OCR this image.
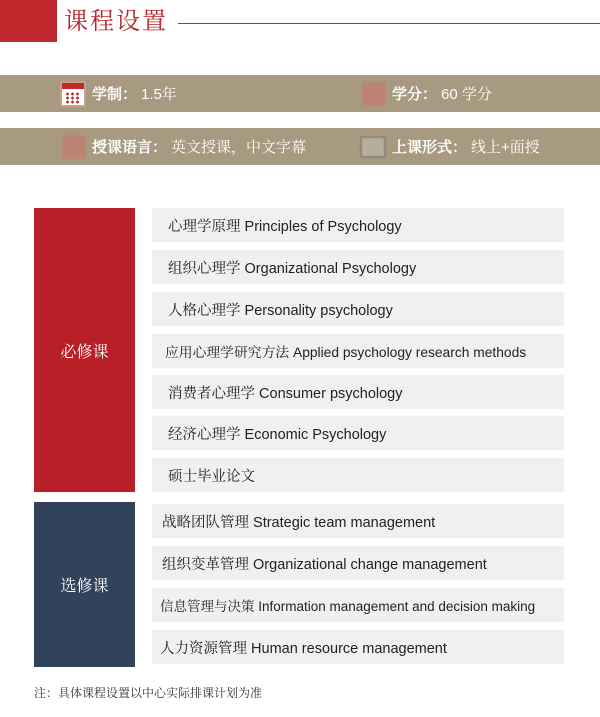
课程设置
学制： 1.5年	学分： 60 学分
授课语言： 英文授课，中文字幕	上课形式： 线上+面授
必修课
心理学原理 Principles of Psychology
组织心理学 Organizational Psychology
人格心理学 Personality psychology
应用心理学研究方法 Applied psychology research methods
消费者心理学 Consumer psychology
经济心理学 Economic Psychology
硕士毕业论文
选修课
战略团队管理 Strategic team management
组织变革管理 Organizational change management
信息管理与决策 Information management and decision making
人力资源管理 Human resource management
注：具体课程设置以中心实际排课计划为准
